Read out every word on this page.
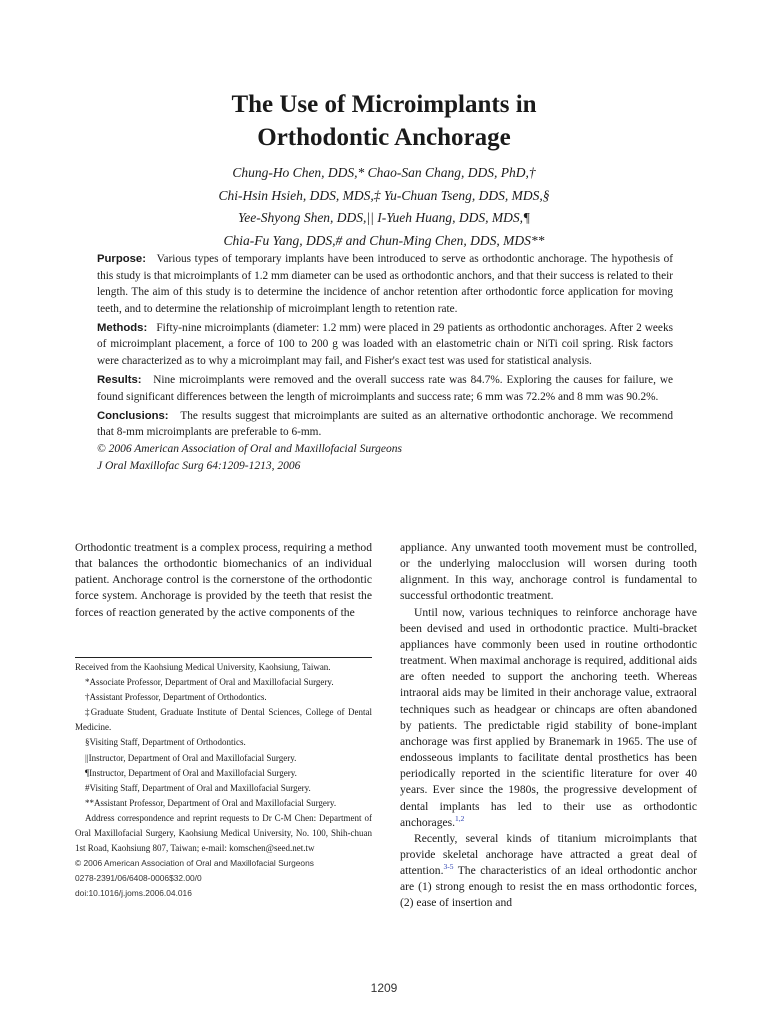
The Use of Microimplants in
Orthodontic Anchorage
Chung-Ho Chen, DDS,* Chao-San Chang, DDS, PhD,†
Chi-Hsin Hsieh, DDS, MDS,‡ Yu-Chuan Tseng, DDS, MDS,§
Yee-Shyong Shen, DDS,|| I-Yueh Huang, DDS, MDS,¶
Chia-Fu Yang, DDS,# and Chun-Ming Chen, DDS, MDS**
Purpose: Various types of temporary implants have been introduced to serve as orthodontic anchorage. The hypothesis of this study is that microimplants of 1.2 mm diameter can be used as orthodontic anchors, and that their success is related to their length. The aim of this study is to determine the incidence of anchor retention after orthodontic force application for moving teeth, and to determine the relationship of microimplant length to retention rate.
Methods: Fifty-nine microimplants (diameter: 1.2 mm) were placed in 29 patients as orthodontic anchorages. After 2 weeks of microimplant placement, a force of 100 to 200 g was loaded with an elastometric chain or NiTi coil spring. Risk factors were characterized as to why a microimplant may fail, and Fisher's exact test was used for statistical analysis.
Results: Nine microimplants were removed and the overall success rate was 84.7%. Exploring the causes for failure, we found significant differences between the length of microimplants and success rate; 6 mm was 72.2% and 8 mm was 90.2%.
Conclusions: The results suggest that microimplants are suited as an alternative orthodontic anchorage. We recommend that 8-mm microimplants are preferable to 6-mm.
© 2006 American Association of Oral and Maxillofacial Surgeons
J Oral Maxillofac Surg 64:1209-1213, 2006

Orthodontic treatment is a complex process, requiring a method that balances the orthodontic biomechanics of an individual patient. Anchorage control is the cornerstone of the orthodontic force system. Anchorage is provided by the teeth that resist the forces of reaction generated by the active components of the

Received from the Kaohsiung Medical University, Kaohsiung, Taiwan.
*Associate Professor, Department of Oral and Maxillofacial Surgery.
†Assistant Professor, Department of Orthodontics.
‡Graduate Student, Graduate Institute of Dental Sciences, College of Dental Medicine.
§Visiting Staff, Department of Orthodontics.
||Instructor, Department of Oral and Maxillofacial Surgery.
¶Instructor, Department of Oral and Maxillofacial Surgery.
#Visiting Staff, Department of Oral and Maxillofacial Surgery.
**Assistant Professor, Department of Oral and Maxillofacial Surgery.
Address correspondence and reprint requests to Dr C-M Chen: Department of Oral Maxillofacial Surgery, Kaohsiung Medical University, No. 100, Shih-chuan 1st Road, Kaohsiung 807, Taiwan; e-mail: komschen@seed.net.tw
© 2006 American Association of Oral and Maxillofacial Surgeons
0278-2391/06/6408-0006$32.00/0
doi:10.1016/j.joms.2006.04.016

appliance. Any unwanted tooth movement must be controlled, or the underlying malocclusion will worsen during tooth alignment. In this way, anchorage control is fundamental to successful orthodontic treatment.

Until now, various techniques to reinforce anchorage have been devised and used in orthodontic practice. Multi-bracket appliances have commonly been used in routine orthodontic treatment. When maximal anchorage is required, additional aids are often needed to support the anchoring teeth. Whereas intraoral aids may be limited in their anchorage value, extraoral techniques such as headgear or chincaps are often abandoned by patients. The predictable rigid stability of bone-implant anchorage was first applied by Branemark in 1965. The use of endosseous implants to facilitate dental prosthetics has been periodically reported in the scientific literature for over 40 years. Ever since the 1980s, the progressive development of dental implants has led to their use as orthodontic anchorages.$^{1,2}$

Recently, several kinds of titanium microimplants that provide skeletal anchorage have attracted a great deal of attention.$^{3-5}$ The characteristics of an ideal orthodontic anchor are (1) strong enough to resist the en mass orthodontic forces, (2) ease of insertion and

1209
